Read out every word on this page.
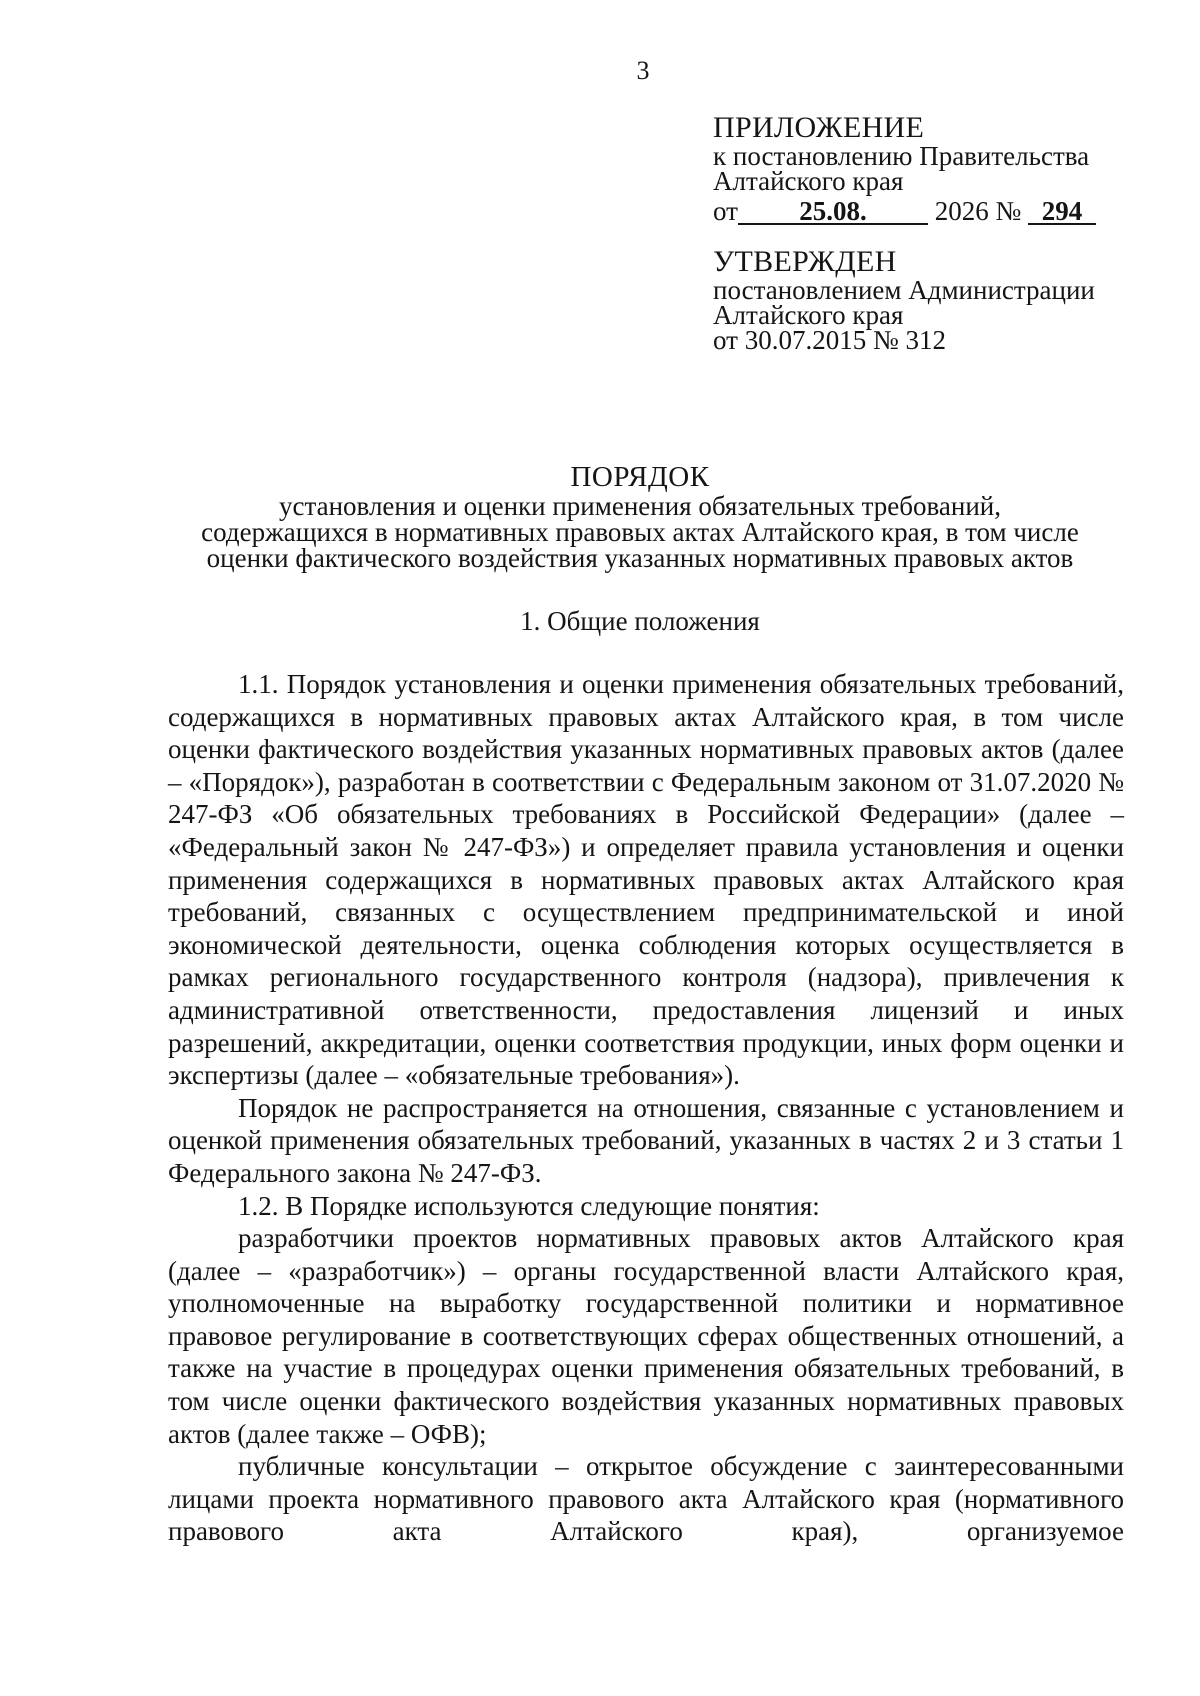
3
ПРИЛОЖЕНИЕ
к постановлению Правительства
Алтайского края
от 25.08.	2026 № 294
УТВЕРЖДЕН
постановлением Администрации
Алтайского края
от 30.07.2015 № 312
ПОРЯДОК
установления и оценки применения обязательных требований,
содержащихся в нормативных правовых актах Алтайского края, в том числе
оценки фактического воздействия указанных нормативных правовых актов
1. Общие положения

1.1. Порядок установления и оценки применения обязательных требований, содержащихся в нормативных правовых актах Алтайского края, в том числе оценки фактического воздействия указанных нормативных правовых актов (далее – «Порядок»), разработан в соответствии с Федеральным законом от 31.07.2020 № 247-ФЗ «Об обязательных требованиях в Российской Федерации» (далее – «Федеральный закон № 247-ФЗ») и определяет правила установления и оценки применения содержащихся в нормативных правовых актах Алтайского края требований, связанных с осуществлением предпринимательской и иной экономической деятельности, оценка соблюдения которых осуществляется в рамках регионального государственного контроля (надзора), привлечения к административной ответственности, предоставления лицензий и иных разрешений, аккредитации, оценки соответствия продукции, иных форм оценки и экспертизы (далее – «обязательные требования»).

Порядок не распространяется на отношения, связанные с установлением и оценкой применения обязательных требований, указанных в частях 2 и 3 статьи 1 Федерального закона № 247-ФЗ.

1.2. В Порядке используются следующие понятия:

разработчики проектов нормативных правовых актов Алтайского края (далее – «разработчик») – органы государственной власти Алтайского края, уполномоченные на выработку государственной политики и нормативное правовое регулирование в соответствующих сферах общественных отношений, а также на участие в процедурах оценки применения обязательных требований, в том числе оценки фактического воздействия указанных нормативных правовых актов (далее также – ОФВ);

публичные консультации – открытое обсуждение с заинтересованными лицами проекта нормативного правового акта Алтайского края (нормативного правового акта Алтайского края), организуемое
